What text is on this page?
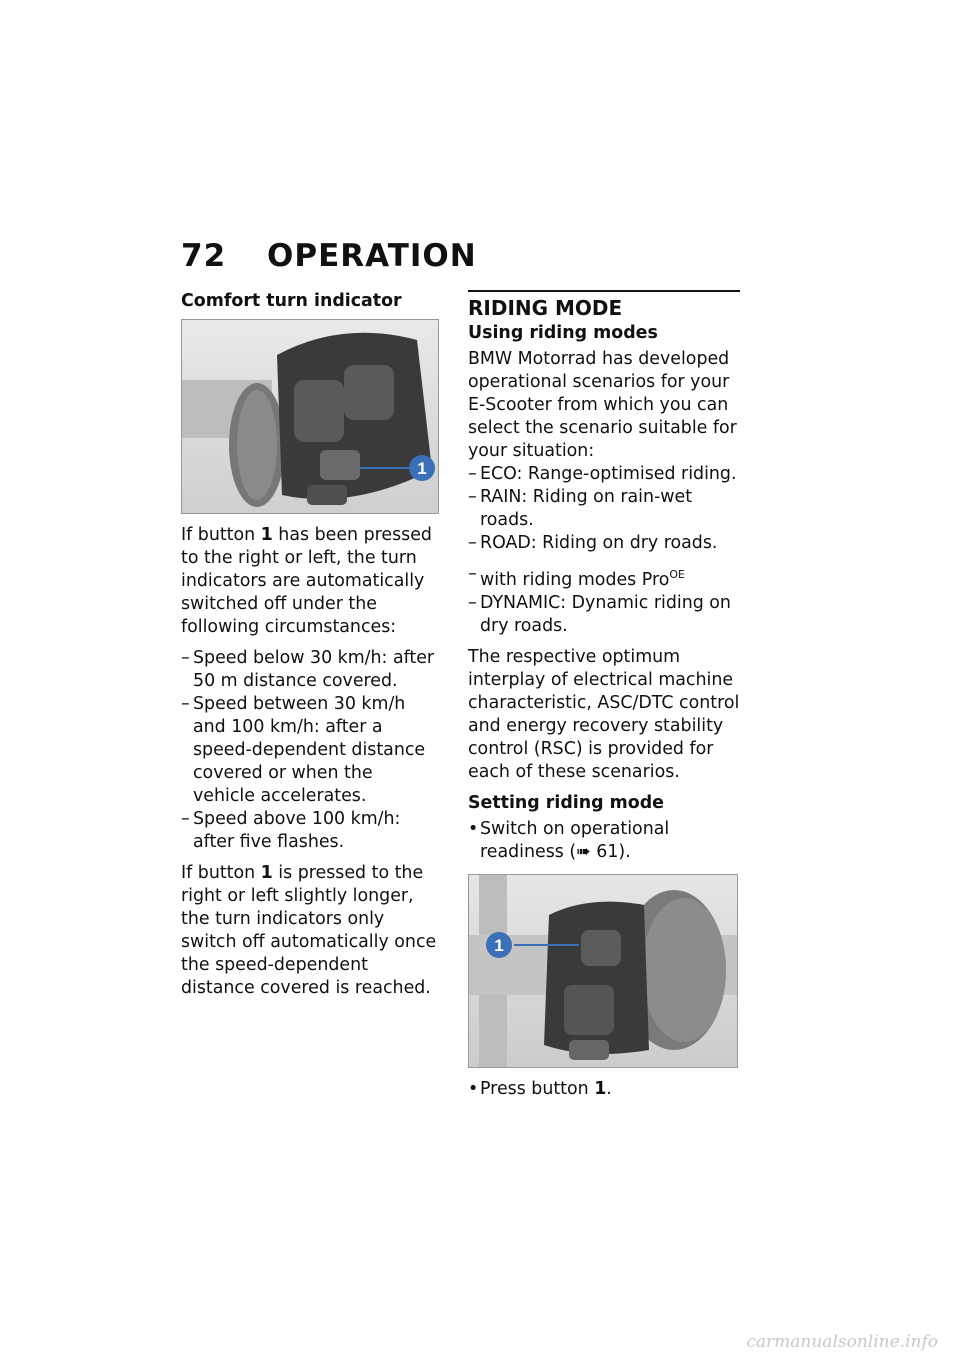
72 OPERATION
Comfort turn indicator
1

If button 1 has been pressed to the right or left, the turn indicators are automatically switched off under the following circumstances:

– Speed below 30 km/h: after 50 m distance covered.
– Speed between 30 km/h and 100 km/h: after a speed-dependent distance covered or when the vehicle accelerates.
– Speed above 100 km/h: after five flashes.

If button 1 is pressed to the right or left slightly longer, the turn indicators only switch off automatically once the speed-dependent distance covered is reached.

RIDING MODE
Using riding modes

BMW Motorrad has developed operational scenarios for your E-Scooter from which you can select the scenario suitable for your situation:

– ECO: Range-optimised riding.
– RAIN: Riding on rain-wet roads.
– ROAD: Riding on dry roads.
– with riding modes Pro$^{OE}$
– DYNAMIC: Dynamic riding on dry roads.

The respective optimum interplay of electrical machine characteristic, ASC/DTC control and energy recovery stability control (RSC) is provided for each of these scenarios.

Setting riding mode
• Switch on operational readiness (➠ 61).
1
• Press button 1.
carmanualsonline.info
